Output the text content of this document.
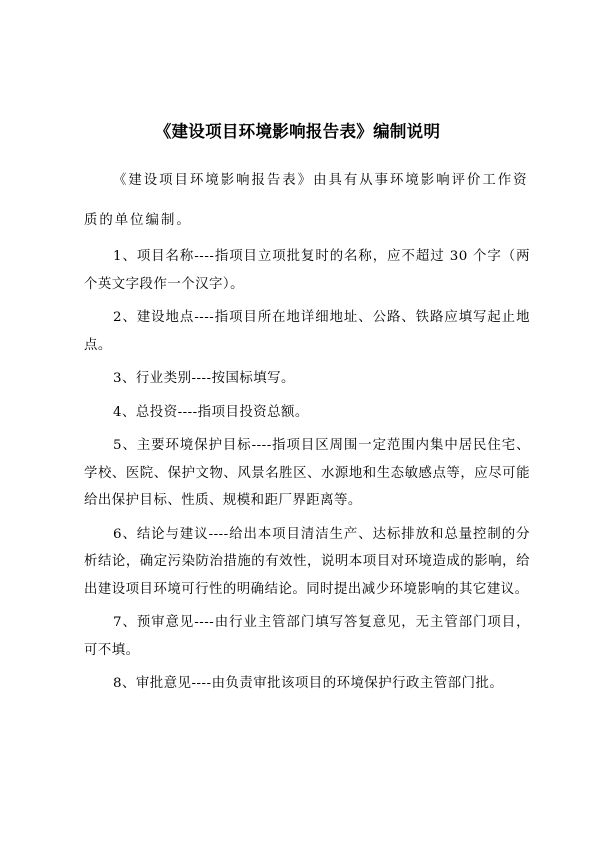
《建设项目环境影响报告表》编制说明

《建设项目环境影响报告表》由具有从事环境影响评价工作资质的单位编制。

1、项目名称----指项目立项批复时的名称，应不超过 30 个字（两个英文字段作一个汉字）。

2、建设地点----指项目所在地详细地址、公路、铁路应填写起止地点。

3、行业类别----按国标填写。

4、总投资----指项目投资总额。

5、主要环境保护目标----指项目区周围一定范围内集中居民住宅、学校、医院、保护文物、风景名胜区、水源地和生态敏感点等，应尽可能给出保护目标、性质、规模和距厂界距离等。

6、结论与建议----给出本项目清洁生产、达标排放和总量控制的分析结论，确定污染防治措施的有效性，说明本项目对环境造成的影响，给出建设项目环境可行性的明确结论。同时提出减少环境影响的其它建议。

7、预审意见----由行业主管部门填写答复意见，无主管部门项目，可不填。

8、审批意见----由负责审批该项目的环境保护行政主管部门批。
